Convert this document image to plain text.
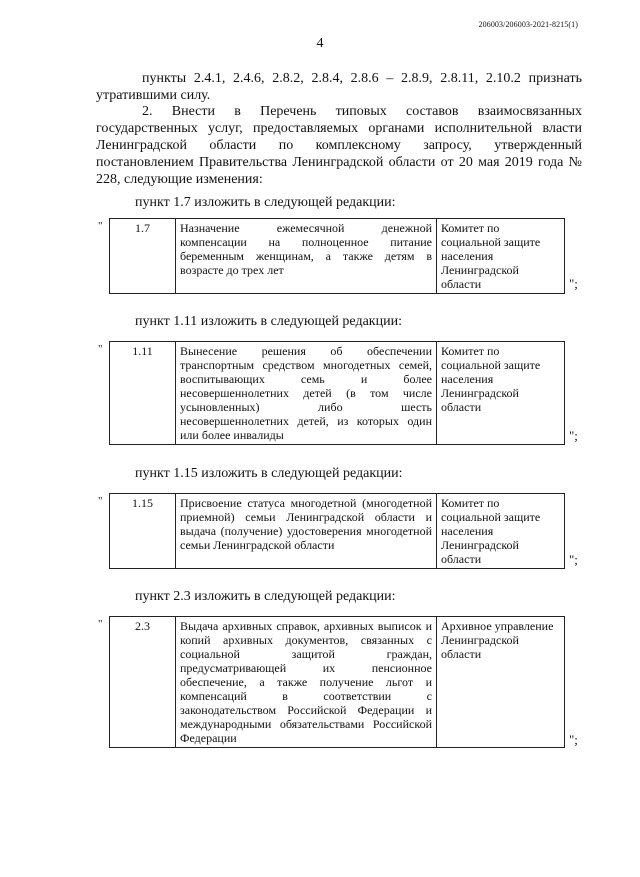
206003/206003-2021-8215(1)
4
пункты 2.4.1, 2.4.6, 2.8.2, 2.8.4, 2.8.6 – 2.8.9, 2.8.11, 2.10.2 признать утратившими силу.
2. Внести в Перечень типовых составов взаимосвязанных государственных услуг, предоставляемых органами исполнительной власти Ленинградской области по комплексному запросу, утвержденный постановлением Правительства Ленинградской области от 20 мая 2019 года № 228, следующие изменения:
пункт 1.7 изложить в следующей редакции:
"	1.7	Назначение ежемесячной денежной компенсации на полноценное питание беременным женщинам, а также детям в возрасте до трех лет	Комитет по социальной защите населения Ленинградской области	";
пункт 1.11 изложить в следующей редакции:
" 1.11	Вынесение решения об обеспечении транспортным средством многодетных семей, воспитывающих семь и более несовершеннолетних детей (в том числе усыновленных) либо шесть несовершеннолетних детей, из которых один или более инвалиды	Комитет по социальной защите населения Ленинградской области
";
пункт 1.15 изложить в следующей редакции:
" 1.15	Присвоение статуса многодетной (многодетной приемной) семьи Ленинградской области и выдача (получение) удостоверения многодетной семьи Ленинградской области	Комитет по социальной защите населения Ленинградской области	";
пункт 2.3 изложить в следующей редакции:
"	2.3	Выдача архивных справок, архивных выписок и копий архивных документов, связанных с социальной защитой граждан, предусматривающей их пенсионное обеспечение, а также получение льгот и компенсаций в соответствии с законодательством Российской Федерации и международными обязательствами Российской Федерации	Архивное управление Ленинградской области
";
